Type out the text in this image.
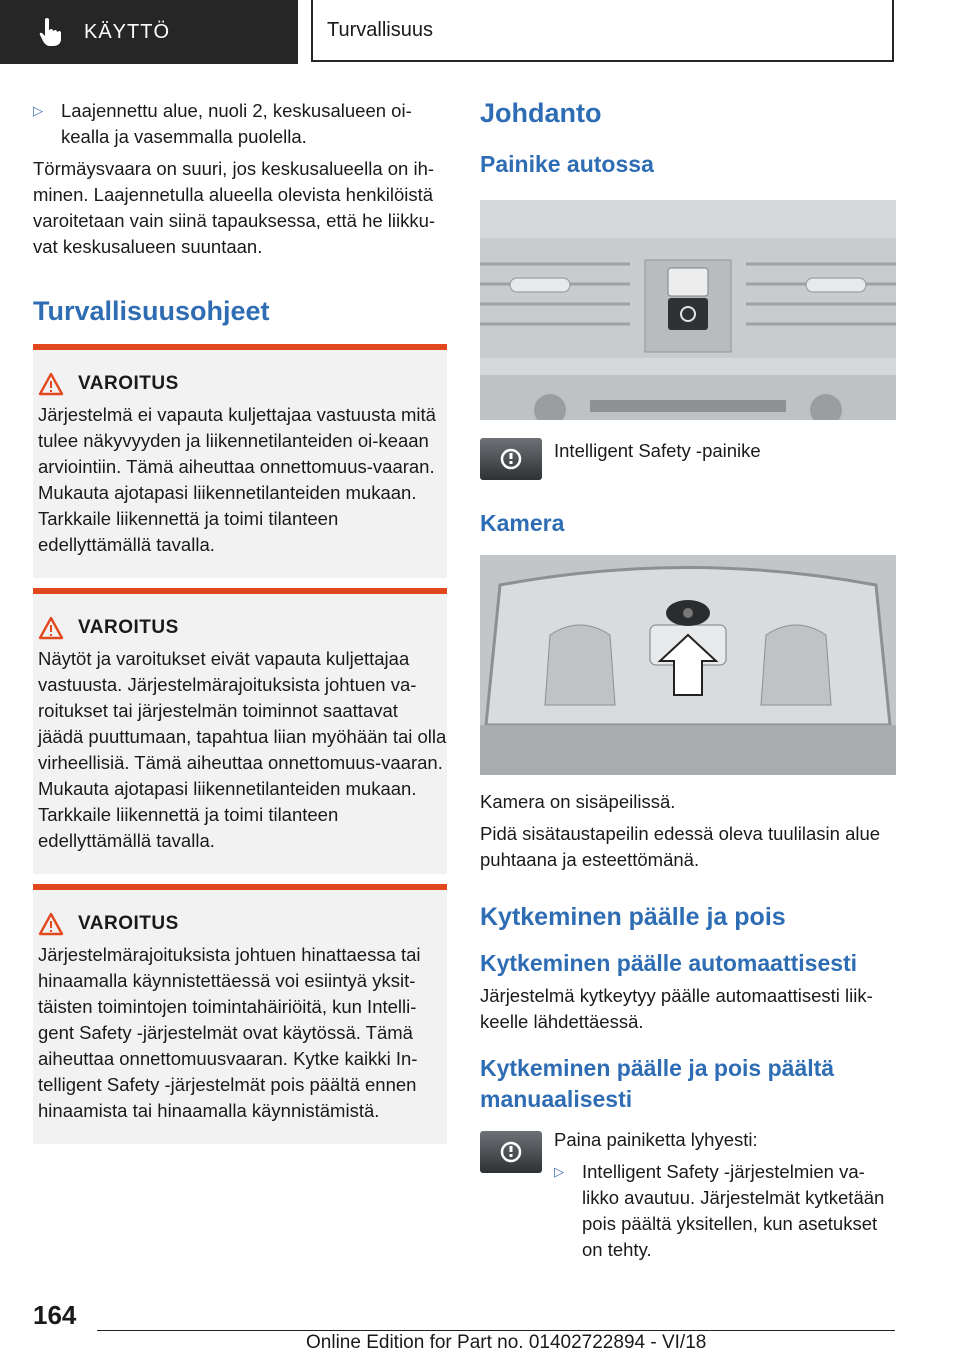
KÄYTTÖ	Turvallisuus
▷ Laajennettu alue, nuoli 2, keskusalueen oi-kealla ja vasemmalla puolella.

Törmäysvaara on suuri, jos keskusalueella on ih-minen. Laajennetulla alueella olevista henkilöistä varoitetaan vain siinä tapauksessa, että he liikku-vat keskusalueen suuntaan.

Turvallisuusohjeet
VAROITUS

Järjestelmä ei vapauta kuljettajaa vastuusta mitä tulee näkyvyyden ja liikennetilanteiden oi-keaan arviointiin. Tämä aiheuttaa onnettomuus-vaaran. Mukauta ajotapasi liikennetilanteiden mukaan. Tarkkaile liikennettä ja toimi tilanteen edellyttämällä tavalla.

VAROITUS

Näytöt ja varoitukset eivät vapauta kuljettajaa vastuusta. Järjestelmärajoituksista johtuen va-roitukset tai järjestelmän toiminnot saattavat jäädä puuttumaan, tapahtua liian myöhään tai olla virheellisiä. Tämä aiheuttaa onnettomuus-vaaran. Mukauta ajotapasi liikennetilanteiden mukaan. Tarkkaile liikennettä ja toimi tilanteen edellyttämällä tavalla.

VAROITUS

Järjestelmärajoituksista johtuen hinattaessa tai hinaamalla käynnistettäessä voi esiintyä yksit-täisten toimintojen toimintahäiriöitä, kun Intelli-gent Safety -järjestelmät ovat käytössä. Tämä aiheuttaa onnettomuusvaaran. Kytke kaikki In-telligent Safety -järjestelmät pois päältä ennen hinaamista tai hinaamalla käynnistämistä.

Johdanto
Painike autossa

Intelligent Safety -painike

Kamera

Kamera on sisäpeilissä.

Pidä sisätaustapeilin edessä oleva tuulilasin alue puhtaana ja esteettömänä.

Kytkeminen päälle ja pois
Kytkeminen päälle automaattisesti

Järjestelmä kytkeytyy päälle automaattisesti liik-keelle lähdettäessä.

Kytkeminen päälle ja pois päältä manuaalisesti

Paina painiketta lyhyesti:

▷ Intelligent Safety -järjestelmien va-likko avautuu. Järjestelmät kytketään pois päältä yksitellen, kun asetukset on tehty.

164
Online Edition for Part no. 01402722894 - VI/18
